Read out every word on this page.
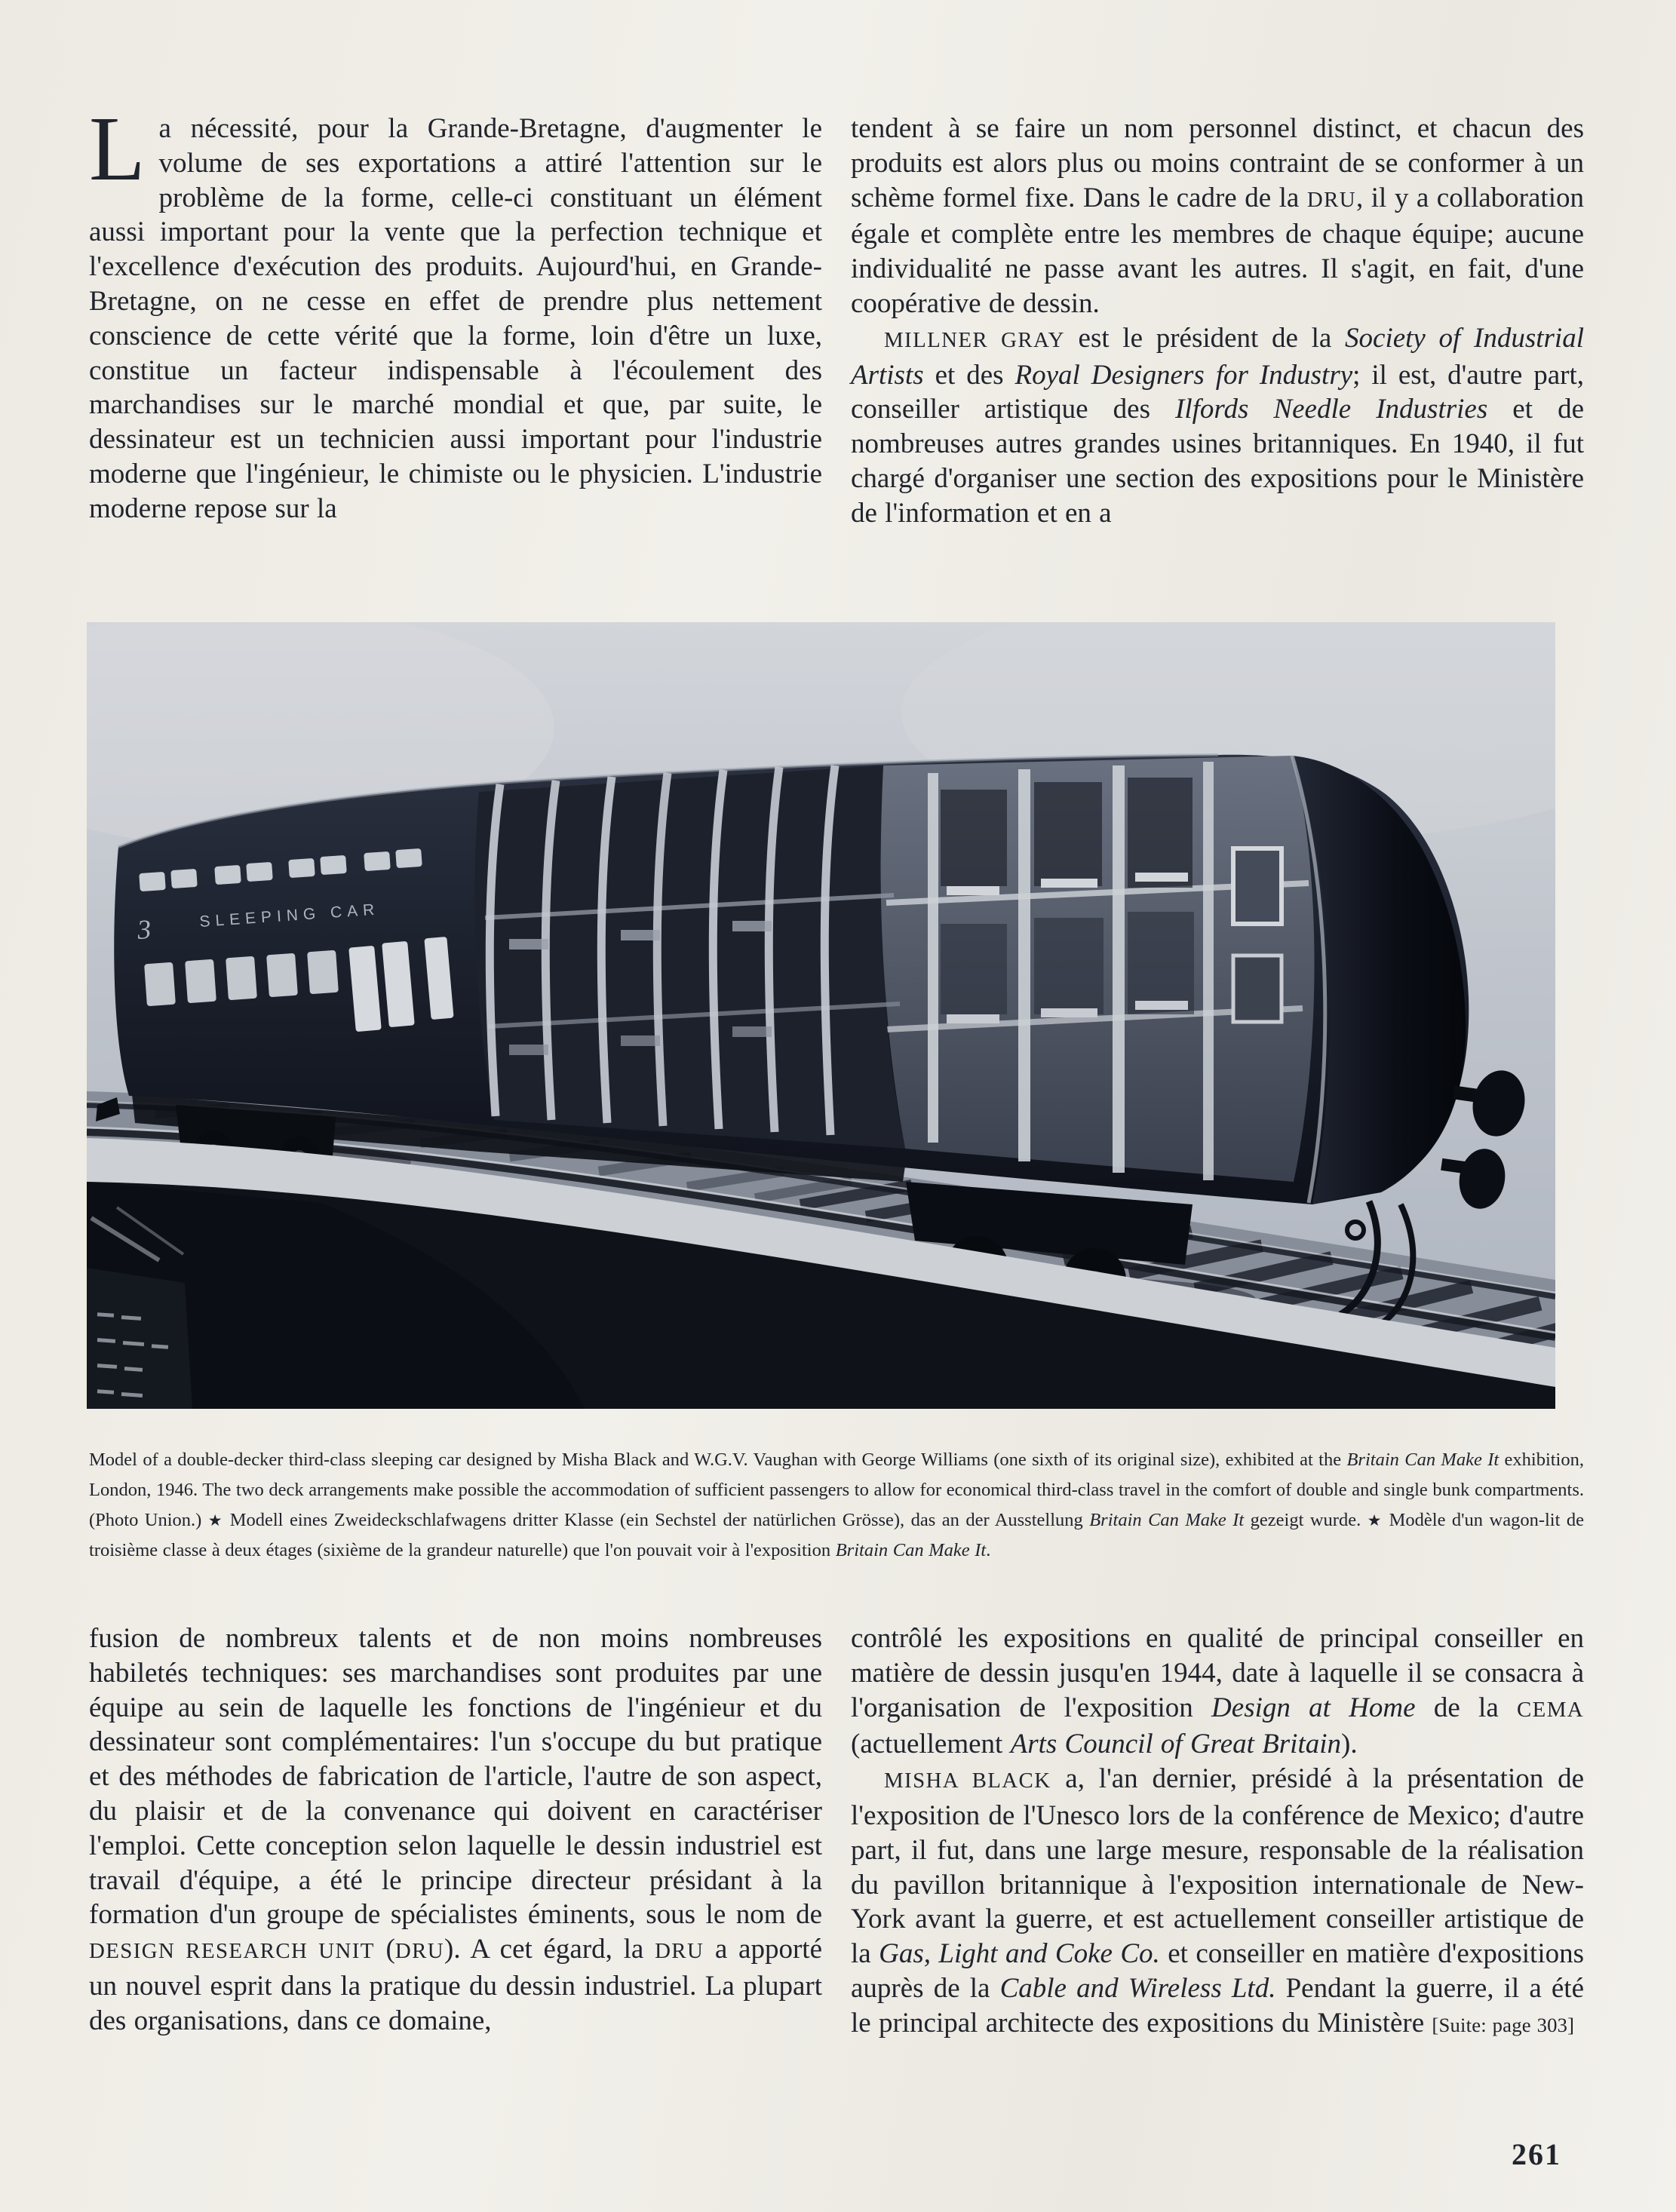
La nécessité, pour la Grande-Bretagne, d'augmenter le volume de ses exportations a attiré l'attention sur le problème de la forme, celle-ci constituant un élément aussi important pour la vente que la perfection technique et l'excellence d'exécution des produits. Aujourd'hui, en Grande-Bretagne, on ne cesse en effet de prendre plus nettement conscience de cette vérité que la forme, loin d'être un luxe, constitue un facteur indispensable à l'écoulement des marchandises sur le marché mondial et que, par suite, le dessinateur est un technicien aussi important pour l'industrie moderne que l'ingénieur, le chimiste ou le physicien. L'industrie moderne repose sur la

tendent à se faire un nom personnel distinct, et chacun des produits est alors plus ou moins contraint de se conformer à un schème formel fixe. Dans le cadre de la DRU, il y a collaboration égale et complète entre les membres de chaque équipe; aucune individualité ne passe avant les autres. Il s'agit, en fait, d'une coopérative de dessin.

MILLNER GRAY est le président de la Society of Industrial Artists et des Royal Designers for Industry; il est, d'autre part, conseiller artistique des Ilfords Needle Industries et de nombreuses autres grandes usines britanniques. En 1940, il fut chargé d'organiser une section des expositions pour le Ministère de l'information et en a

SLEEPING CAR
3

Model of a double-decker third-class sleeping car designed by Misha Black and W.G.V. Vaughan with George Williams (one sixth of its original size), exhibited at the Britain Can Make It exhibition, London, 1946. The two deck arrangements make possible the accommodation of sufficient passengers to allow for economical third-class travel in the comfort of double and single bunk compartments. (Photo Union.) ★ Modell eines Zweideckschlafwagens dritter Klasse (ein Sechstel der natürlichen Grösse), das an der Ausstellung Britain Can Make It gezeigt wurde. ★ Modèle d'un wagon-lit de troisième classe à deux étages (sixième de la grandeur naturelle) que l'on pouvait voir à l'exposition Britain Can Make It.

fusion de nombreux talents et de non moins nombreuses habiletés techniques: ses marchandises sont produites par une équipe au sein de laquelle les fonctions de l'ingénieur et du dessinateur sont complémentaires: l'un s'occupe du but pratique et des méthodes de fabrication de l'article, l'autre de son aspect, du plaisir et de la convenance qui doivent en caractériser l'emploi. Cette conception selon laquelle le dessin industriel est travail d'équipe, a été le principe directeur présidant à la formation d'un groupe de spécialistes éminents, sous le nom de DESIGN RESEARCH UNIT (DRU). A cet égard, la DRU a apporté un nouvel esprit dans la pratique du dessin industriel. La plupart des organisations, dans ce domaine,

contrôlé les expositions en qualité de principal conseiller en matière de dessin jusqu'en 1944, date à laquelle il se consacra à l'organisation de l'exposition Design at Home de la CEMA (actuellement Arts Council of Great Britain).

MISHA BLACK a, l'an dernier, présidé à la présentation de l'exposition de l'Unesco lors de la conférence de Mexico; d'autre part, il fut, dans une large mesure, responsable de la réalisation du pavillon britannique à l'exposition internationale de New-York avant la guerre, et est actuellement conseiller artistique de la Gas, Light and Coke Co. et conseiller en matière d'expositions auprès de la Cable and Wireless Ltd. Pendant la guerre, il a été le principal architecte des expositions du Ministère [Suite: page 303]

261
